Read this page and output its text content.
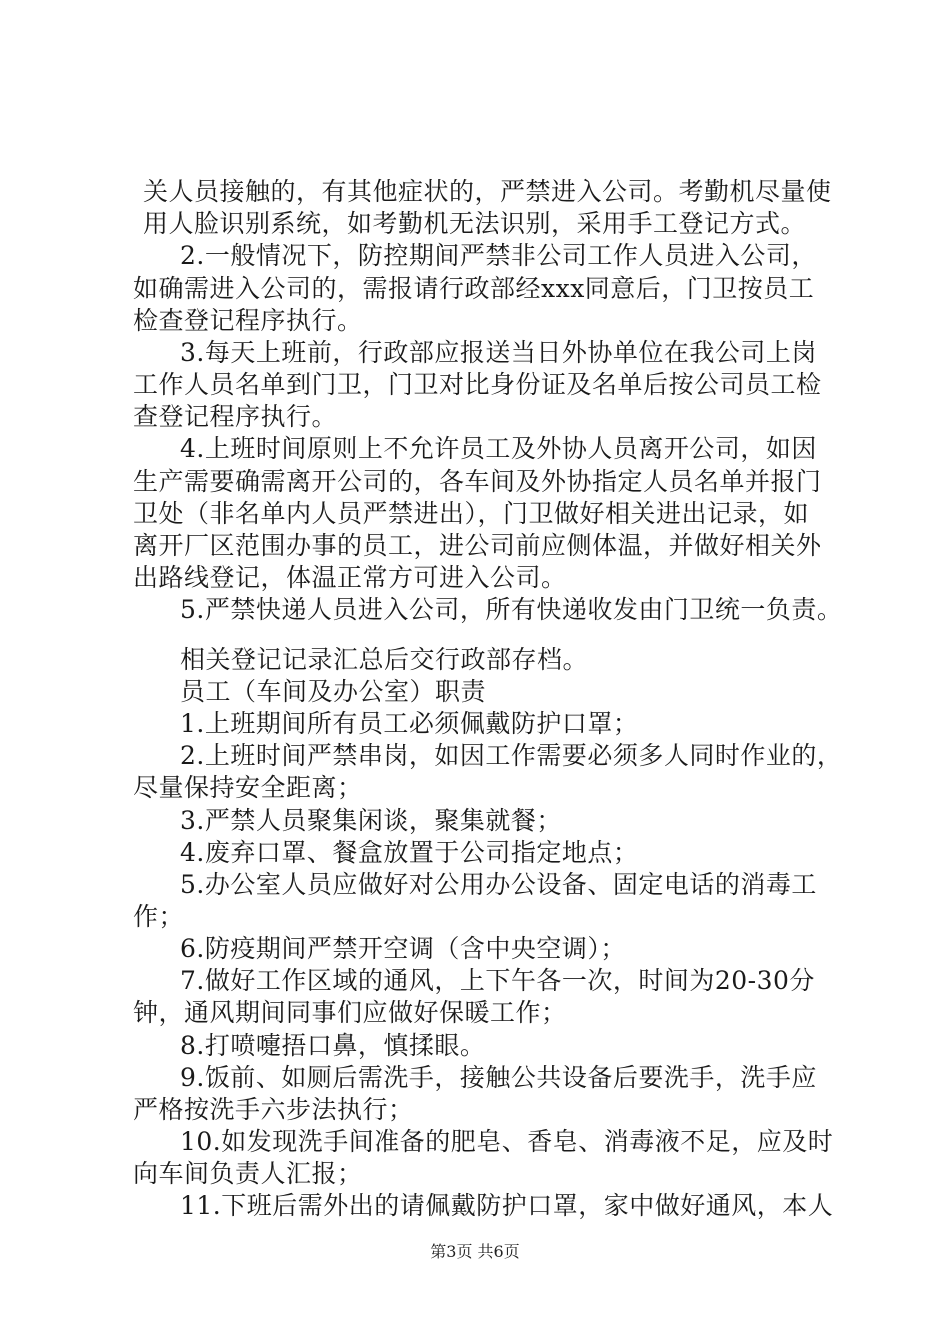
关人员接触的，有其他症状的，严禁进入公司。考勤机尽量使
用人脸识别系统，如考勤机无法识别，采用手工登记方式。
2.一般情况下，防控期间严禁非公司工作人员进入公司，
如确需进入公司的，需报请行政部经xxx同意后，门卫按员工
检查登记程序执行。
3.每天上班前，行政部应报送当日外协单位在我公司上岗
工作人员名单到门卫，门卫对比身份证及名单后按公司员工检
查登记程序执行。
4.上班时间原则上不允许员工及外协人员离开公司，如因
生产需要确需离开公司的，各车间及外协指定人员名单并报门
卫处（非名单内人员严禁进出），门卫做好相关进出记录，如
离开厂区范围办事的员工，进公司前应侧体温，并做好相关外
出路线登记，体温正常方可进入公司。
5.严禁快递人员进入公司，所有快递收发由门卫统一负责。
相关登记记录汇总后交行政部存档。
员工（车间及办公室）职责
1.上班期间所有员工必须佩戴防护口罩；
2.上班时间严禁串岗，如因工作需要必须多人同时作业的，
尽量保持安全距离；
3.严禁人员聚集闲谈，聚集就餐；
4.废弃口罩、餐盒放置于公司指定地点；
5.办公室人员应做好对公用办公设备、固定电话的消毒工
作；
6.防疫期间严禁开空调（含中央空调）；
7.做好工作区域的通风，上下午各一次，时间为20-30分
钟，通风期间同事们应做好保暖工作；
8.打喷嚏捂口鼻，慎揉眼。
9.饭前、如厕后需洗手，接触公共设备后要洗手，洗手应
严格按洗手六步法执行；
10.如发现洗手间准备的肥皂、香皂、消毒液不足，应及时
向车间负责人汇报；
11.下班后需外出的请佩戴防护口罩，家中做好通风，本人
第3页 共6页
